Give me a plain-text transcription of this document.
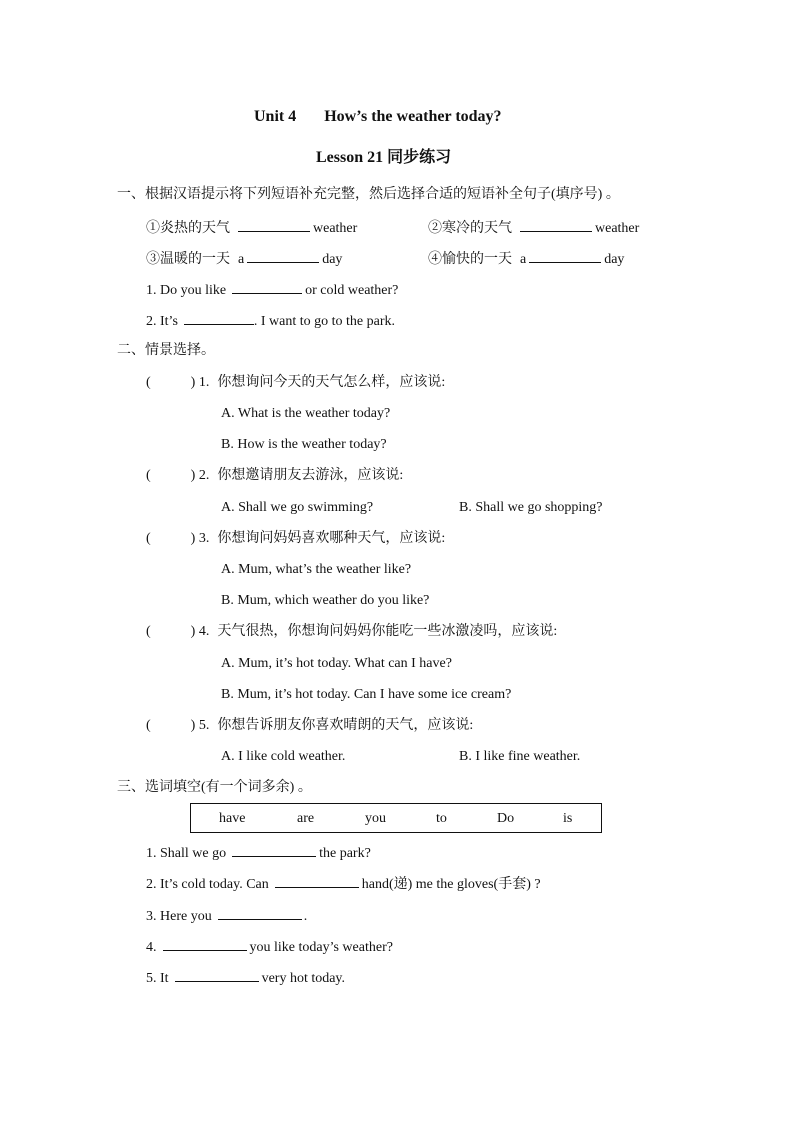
Unit 4 How’s the weather today?
Lesson 21 同步练习
一、根据汉语提示将下列短语补充完整，然后选择合适的短语补全句子(填序号) 。
①炎热的天气	weather	②寒冷的天气	weather
③温暖的一天 a	day	④愉快的一天 a	day
1. Do you like	or cold weather?
2. It’s	. I want to go to the park.
二、情景选择。
(	) 1. 你想询问今天的天气怎么样，应该说:
A. What is the weather today?
B. How is the weather today?
(	) 2. 你想邀请朋友去游泳，应该说:
A. Shall we go swimming?	B. Shall we go shopping?
(	) 3. 你想询问妈妈喜欢哪种天气，应该说:
A. Mum, what’s the weather like?
B. Mum, which weather do you like?
(	) 4. 天气很热，你想询问妈妈你能吃一些冰激凌吗，应该说:
A. Mum, it’s hot today. What can I have?
B. Mum, it’s hot today. Can I have some ice cream?
(	) 5. 你想告诉朋友你喜欢晴朗的天气，应该说:
A. I like cold weather.	B. I like fine weather.
三、选词填空(有一个词多余) 。
have	are	you	to	Do	is
1. Shall we go	the park?
2. It’s cold today. Can	hand(递) me the gloves(手套) ?
3. Here you	.
4.	you like today’s weather?
5. It	very hot today.
